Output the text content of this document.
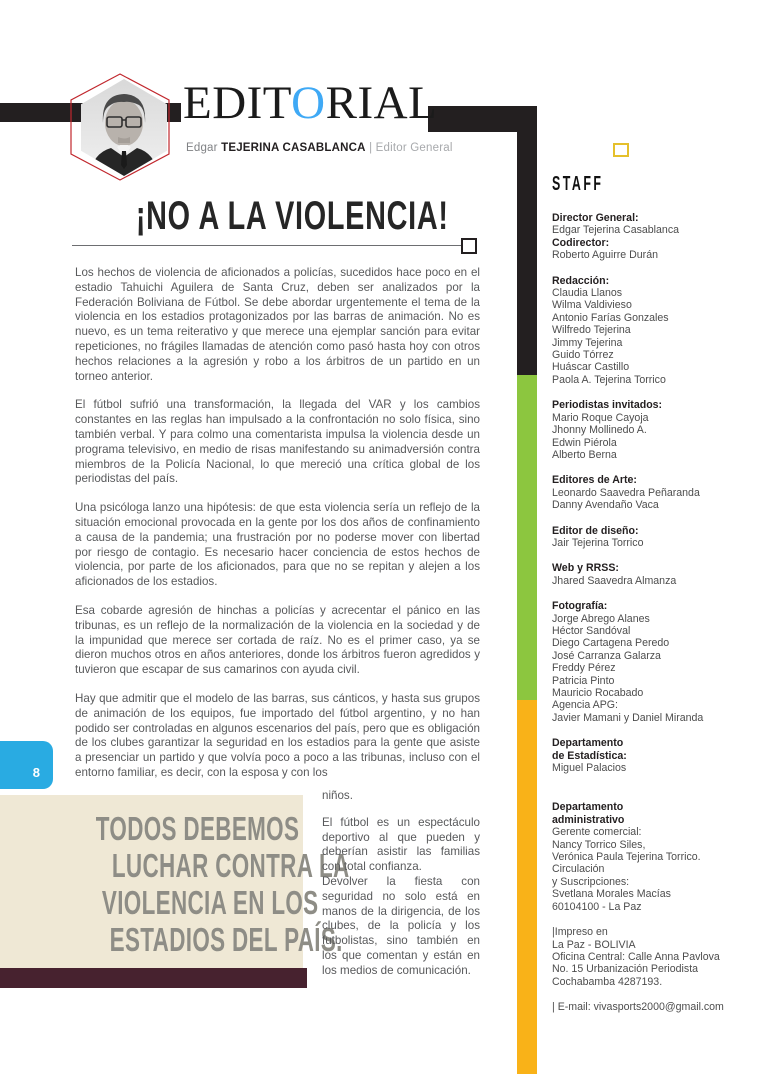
EDITORIAL
Edgar TEJERINA CASABLANCA | Editor General
¡NO A LA VIOLENCIA!

Los hechos de violencia de aficionados a policías, sucedidos hace poco en el estadio Tahuichi Aguilera de Santa Cruz, deben ser analizados por la Federación Boliviana de Fútbol. Se debe abordar urgentemente el tema de la violencia en los estadios protagonizados por las barras de animación. No es nuevo, es un tema reiterativo y que merece una ejemplar sanción para evitar repeticiones, no frágiles llamadas de atención como pasó hasta hoy con otros hechos relaciones a la agresión y robo a los árbitros de un partido en un torneo anterior.

El fútbol sufrió una transformación, la llegada del VAR y los cambios constantes en las reglas han impulsado a la confrontación no solo física, sino también verbal. Y para colmo una comentarista impulsa la violencia desde un programa televisivo, en medio de risas manifestando su animadversión contra miembros de la Policía Nacional, lo que mereció una crítica global de los periodistas del país.

Una psicóloga lanzo una hipótesis: de que esta violencia sería un reflejo de la situación emocional provocada en la gente por los dos años de confinamiento a causa de la pandemia; una frustración por no poderse mover con libertad por riesgo de contagio. Es necesario hacer conciencia de estos hechos de violencia, por parte de los aficionados, para que no se repitan y alejen a los aficionados de los estadios.

Esa cobarde agresión de hinchas a policías y acrecentar el pánico en las tribunas, es un reflejo de la normalización de la violencia en la sociedad y de la impunidad que merece ser cortada de raíz. No es el primer caso, ya se dieron muchos otros en años anteriores, donde los árbitros fueron agredidos y tuvieron que escapar de sus camarinos con ayuda civil.

Hay que admitir que el modelo de las barras, sus cánticos, y hasta sus grupos de animación de los equipos, fue importado del fútbol argentino, y no han podido ser controladas en algunos escenarios del país, pero que es obligación de los clubes garantizar la seguridad en los estadios para la gente que asiste a presenciar un partido y que volvía poco a poco a las tribunas, incluso con el entorno familiar, es decir, con la esposa y con los

TODOS DEBEMOS
LUCHAR CONTRA LA
VIOLENCIA EN LOS
ESTADIOS DEL PAÍS.

niños.

El fútbol es un espectáculo deportivo al que pueden y deberían asistir las familias con total confianza.

Devolver la fiesta con seguridad no solo está en manos de la dirigencia, de los clubes, de la policía y los futbolistas, sino también en los que comentan y están en los medios de comunicación.

8
STAFF
Director General:
Edgar Tejerina Casablanca
Codirector:
Roberto Aguirre Durán
Redacción:
Claudia Llanos
Wilma Valdivieso
Antonio Farías Gonzales
Wilfredo Tejerina
Jimmy Tejerina
Guido Tórrez
Huáscar Castillo
Paola A. Tejerina Torrico
Periodistas invitados:
Mario Roque Cayoja
Jhonny Mollinedo A.
Edwin Piérola
Alberto Berna
Editores de Arte:
Leonardo Saavedra Peñaranda
Danny Avendaño Vaca
Editor de diseño:
Jair Tejerina Torrico
Web y RRSS:
Jhared Saavedra Almanza
Fotografía:
Jorge Abrego Alanes
Héctor Sandóval
Diego Cartagena Peredo
José Carranza Galarza
Freddy Pérez
Patricia Pinto
Mauricio Rocabado
Agencia APG:
Javier Mamani y Daniel Miranda
Departamento
de Estadística:
Miguel Palacios
Departamento
administrativo
Gerente comercial:
Nancy Torrico Siles,
Verónica Paula Tejerina Torrico.
Circulación
y Suscripciones:
Svetlana Morales Macías
60104100 - La Paz
|Impreso en
La Paz - BOLIVIA
Oficina Central: Calle Anna Pavlova
No. 15 Urbanización Periodista
Cochabamba 4287193.
| E-mail: vivasports2000@gmail.com
